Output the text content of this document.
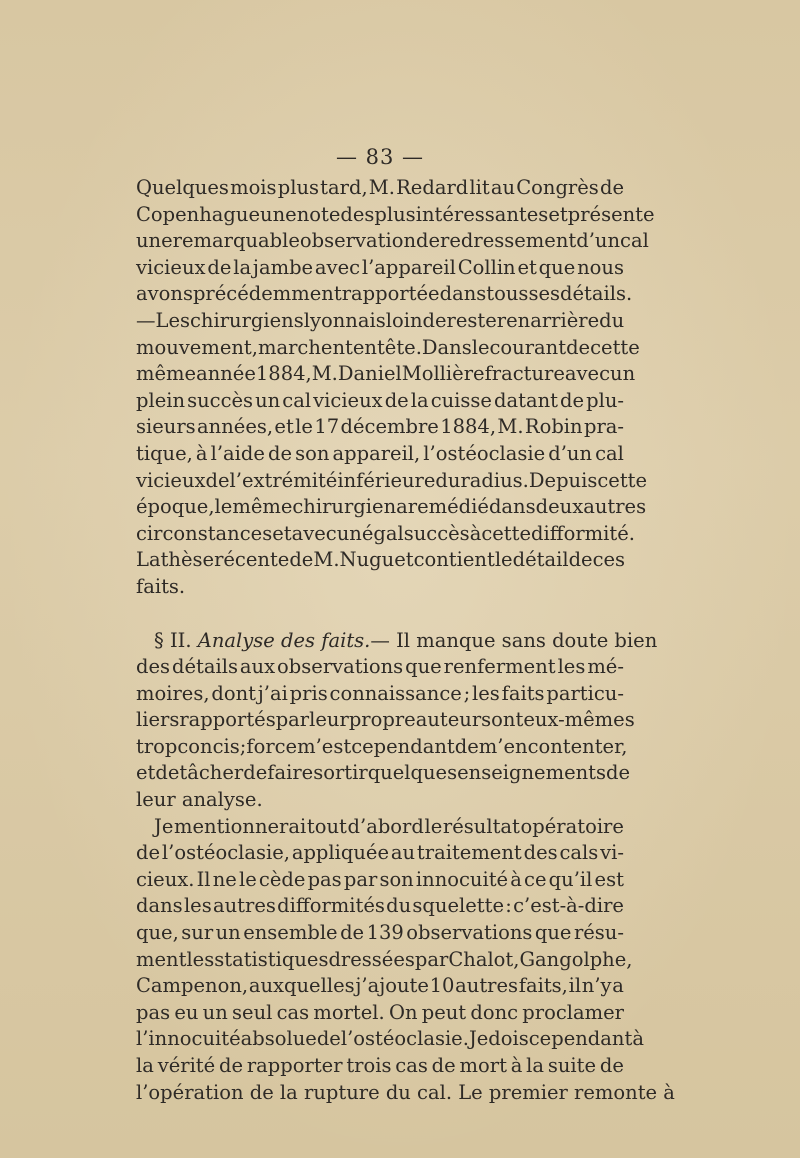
— 83 —
Quelques mois plus tard, M. Redard lit au Congrès de
Copenhague une note des plus intéressantes et présente
une remarquable observation de redressement d’un cal
vicieux de la jambe avec l’appareil Collin et que nous
avons précédemment rapportée dans tous ses détails.
— Les chirurgiens lyonnais loin de rester en arrière du
mouvement, marchent en tête. Dans le courant de cette
même année 1884, M. Daniel Mollière fracture avec un
plein succès un cal vicieux de la cuisse datant de plu-
sieurs années, et le 17 décembre 1884, M. Robin pra-
tique, à l’aide de son appareil, l’ostéoclasie d’un cal
vicieux de l’extrémité inférieure du radius. Depuis cette
époque, le même chirurgien a remédié dans deux autres
circonstances et avec un égal succès à cette difformité.
La thèse récente de M. Nuguet contient le détail de ces
faits.
§ II. Analyse des faits. — Il manque sans doute bien
des détails aux observations que renferment les mé-
moires, dont j’ai pris connaissance ; les faits particu-
liers rapportés par leur propre auteur sont eux-mêmes
trop concis ; force m’est cependant de m’en contenter,
et de tâcher de faire sortir quelques enseignements de
leur analyse.
Je mentionnerai tout d’abord le résultat opératoire
de l’ostéoclasie, appliquée au traitement des cals vi-
cieux. Il ne le cède pas par son innocuité à ce qu’il est
dans les autres difformités du squelette : c’est-à-dire
que, sur un ensemble de 139 observations que résu-
ment les statistiques dressées par Chalot, Gangolphe,
Campenon, auxquelles j’ajoute 10 autres faits, il n’y a
pas eu un seul cas mortel. On peut donc proclamer
l’innocuité absolue de l’ostéoclasie. Je dois cependant à
la vérité de rapporter trois cas de mort à la suite de
l’opération de la rupture du cal. Le premier remonte à
